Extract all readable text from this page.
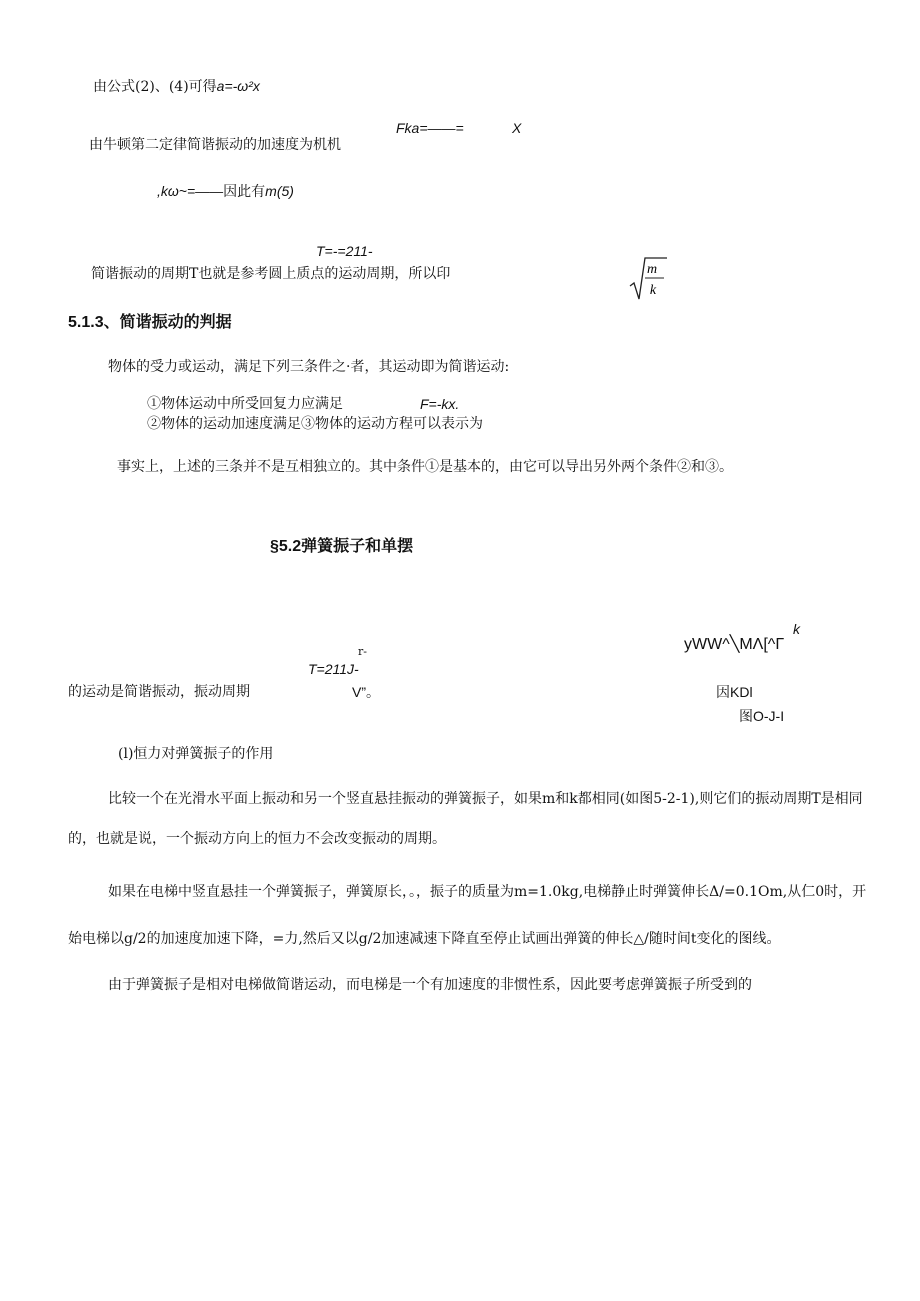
由公式(2)、(4)可得a=-ω²x
Fka=——=	X
由牛顿第二定律简谐振动的加速度为机机
,kω~=——因此有m(5)
T=-=211-
简谐振动的周期T也就是参考圆上质点的运动周期，所以印	m
k
5.1.3、简谐振动的判据
物体的受力或运动，满足下列三条件之·者，其运动即为简谐运动:
①物体运动中所受回复力应满足	F=-kx.
②物体的运动加速度满足③物体的运动方程可以表示为
事实上，上述的三条并不是互相独立的。其中条件①是基本的，由它可以导出另外两个条件②和③。
§5.2弹簧振子和单摆
k
yWW^╲MΛ[^Γ
r-
T=211J-
的运动是简谐振动，振动周期	V”。	因KDl
图O-J-I
(l)恒力对弹簧振子的作用
比较一个在光滑水平面上振动和另一个竖直悬挂振动的弹簧振子，如果m和k都相同(如图5-2-1),则它们的振动周期T是相同
的，也就是说，一个振动方向上的恒力不会改变振动的周期。
如果在电梯中竖直悬挂一个弹簧振子，弹簧原长，。，振子的质量为m=1.0kg,电梯静止时弹簧伸长Δ/=0.1Om,从仁0时，开
始电梯以g/2的加速度加速下降，=力,然后又以g/2加速减速下降直至停止试画出弹簧的伸长△/随时间t变化的图线。
由于弹簧振子是相对电梯做简谐运动，而电梯是一个有加速度的非惯性系，因此要考虑弹簧振子所受到的
